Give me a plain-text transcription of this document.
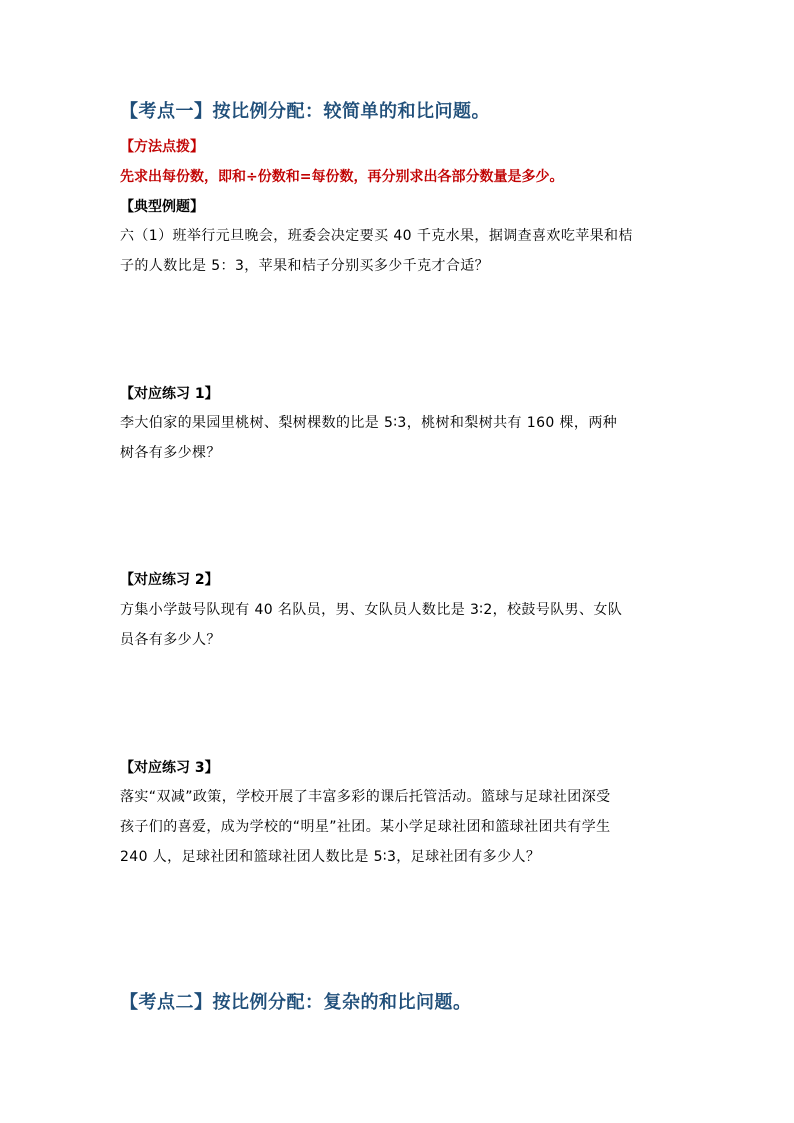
【考点一】按比例分配：较简单的和比问题。
【方法点拨】
先求出每份数，即和÷份数和=每份数，再分别求出各部分数量是多少。
【典型例题】
六（1）班举行元旦晚会，班委会决定要买 40 千克水果，据调查喜欢吃苹果和桔
子的人数比是 5：3，苹果和桔子分别买多少千克才合适？
【对应练习 1】
李大伯家的果园里桃树、梨树棵数的比是 5∶3，桃树和梨树共有 160 棵，两种
树各有多少棵？
【对应练习 2】
方集小学鼓号队现有 40 名队员，男、女队员人数比是 3∶2，校鼓号队男、女队
员各有多少人？
【对应练习 3】
落实“双减”政策，学校开展了丰富多彩的课后托管活动。篮球与足球社团深受
孩子们的喜爱，成为学校的“明星”社团。某小学足球社团和篮球社团共有学生
240 人，足球社团和篮球社团人数比是 5∶3，足球社团有多少人？
【考点二】按比例分配：复杂的和比问题。
